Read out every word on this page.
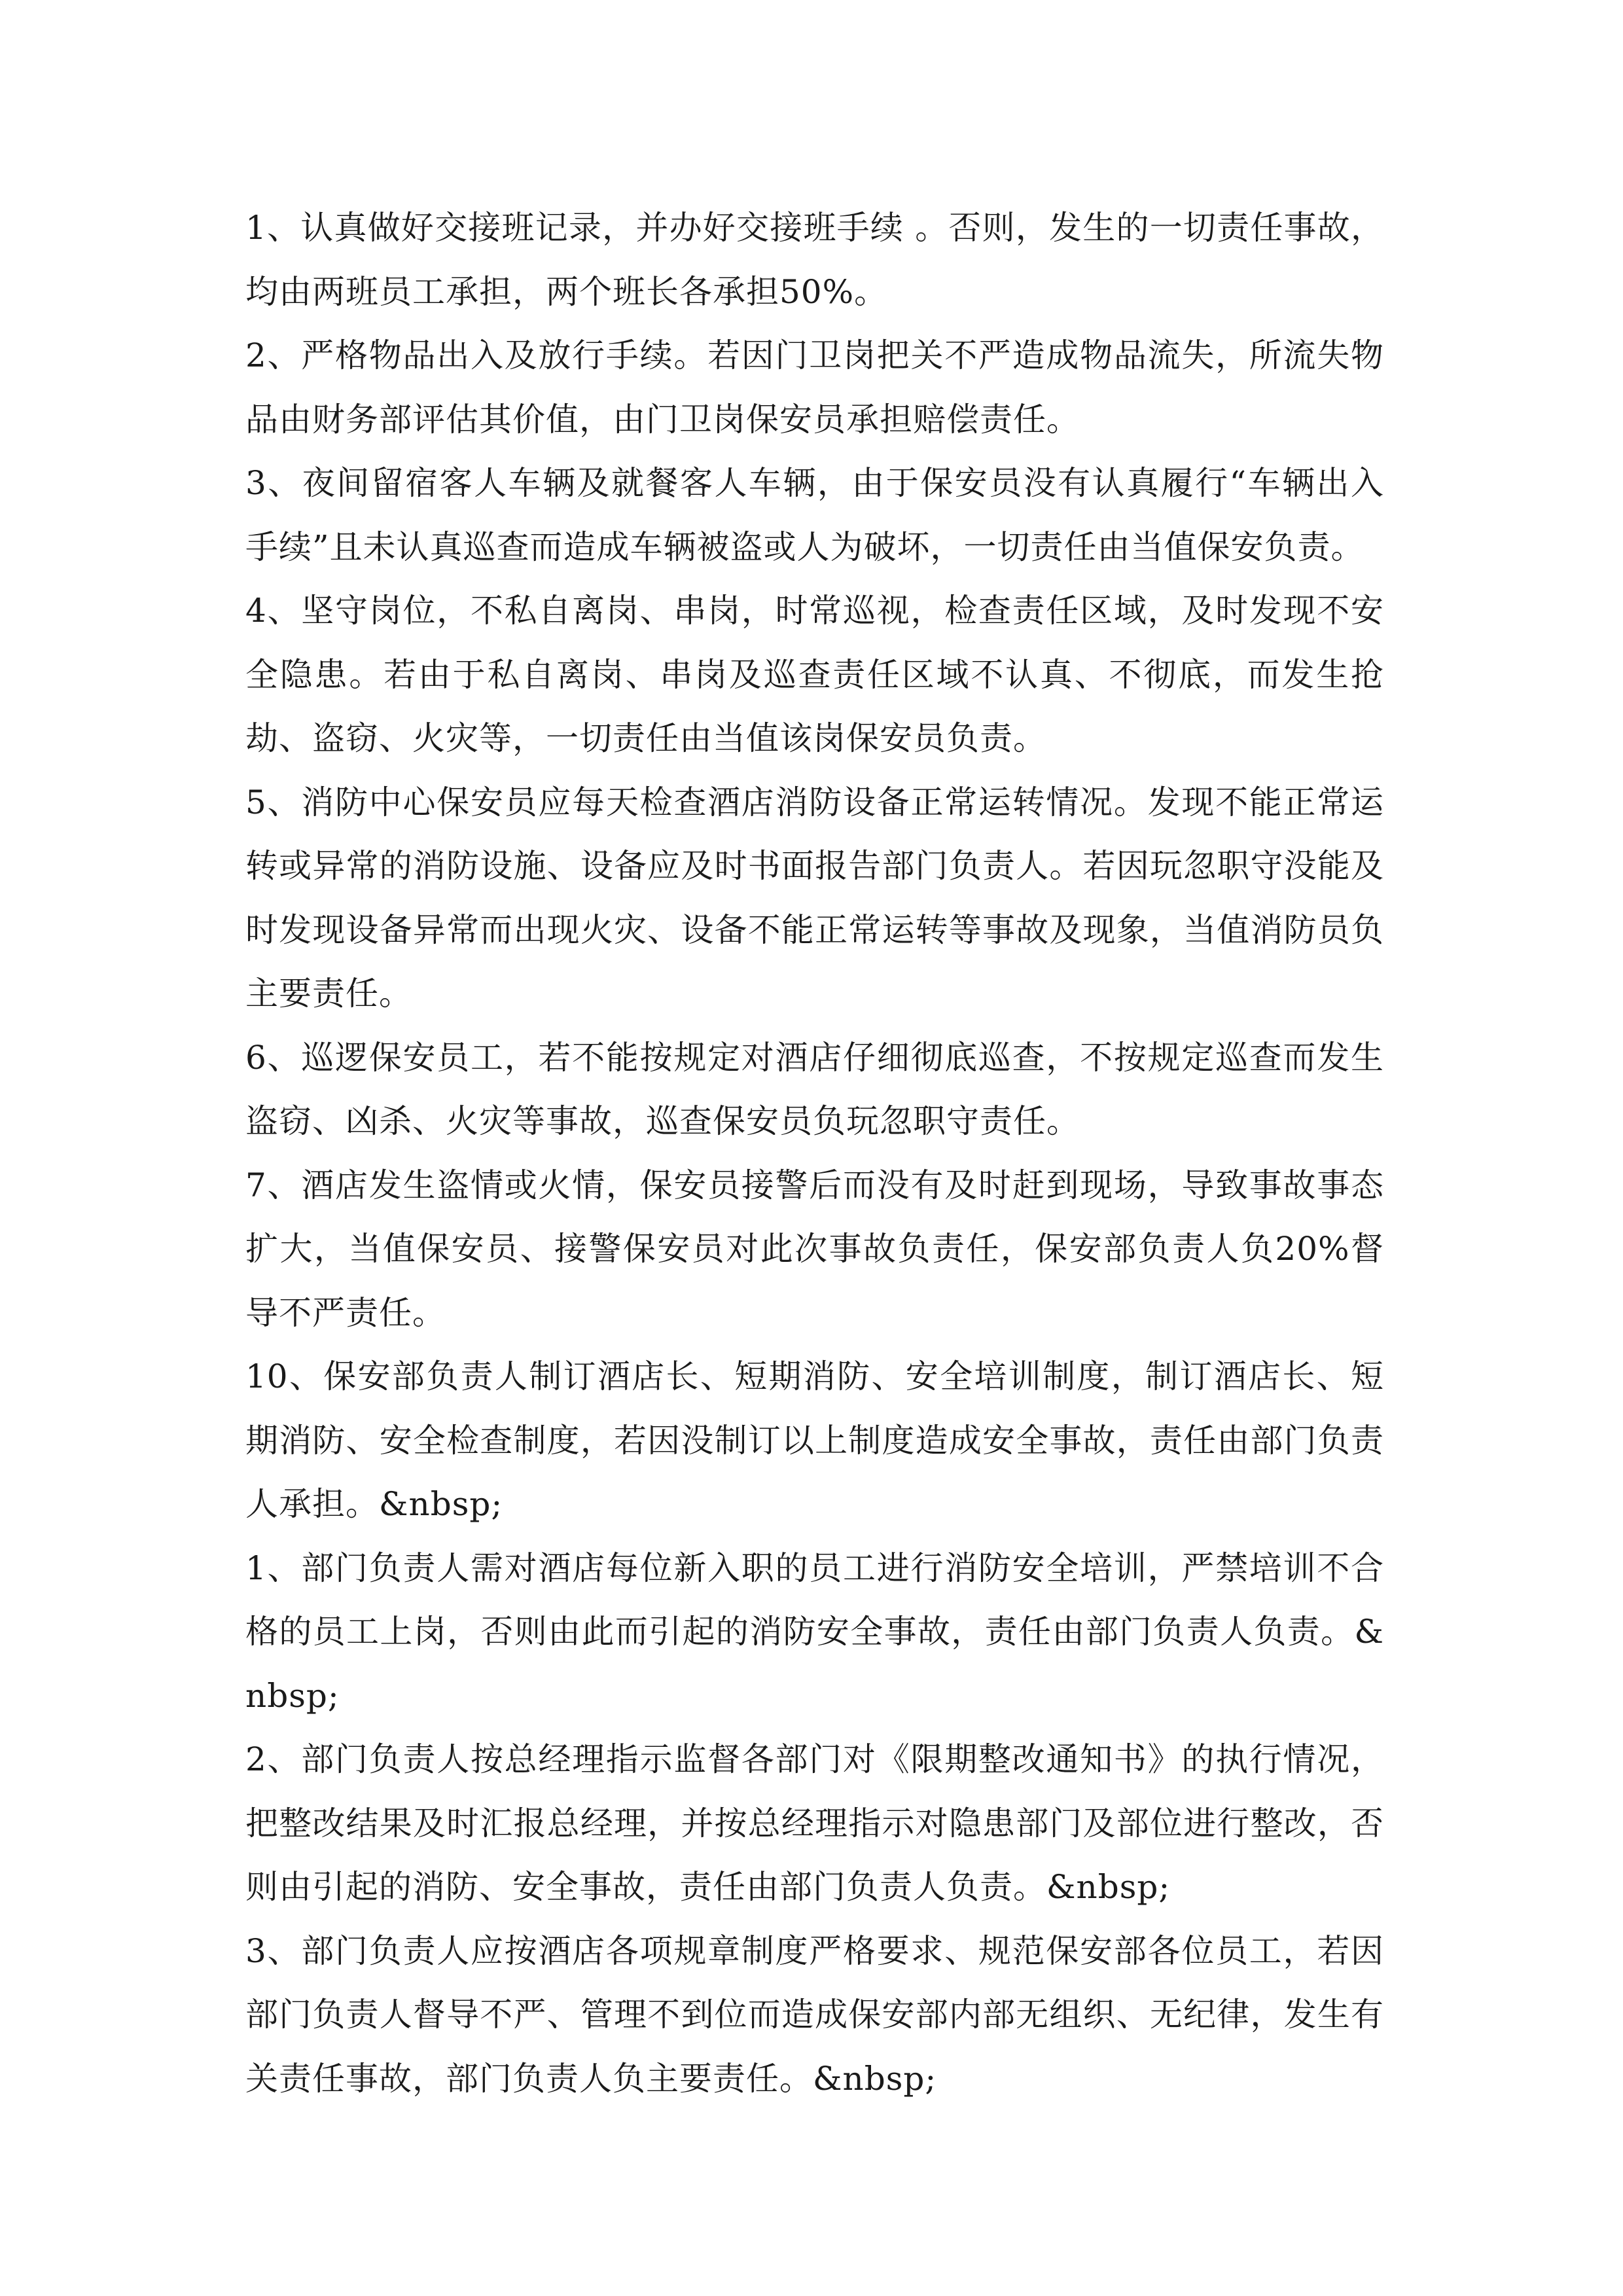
1、认真做好交接班记录，并办好交接班手续 。否则，发生的一切责任事故，均由两班员工承担，两个班长各承担50%。

2、严格物品出入及放行手续。若因门卫岗把关不严造成物品流失，所流失物品由财务部评估其价值，由门卫岗保安员承担赔偿责任。

3、夜间留宿客人车辆及就餐客人车辆，由于保安员没有认真履行“车辆出入手续”且未认真巡查而造成车辆被盗或人为破坏，一切责任由当值保安负责。

4、坚守岗位，不私自离岗、串岗，时常巡视，检查责任区域，及时发现不安全隐患。若由于私自离岗、串岗及巡查责任区域不认真、不彻底，而发生抢劫、盗窃、火灾等，一切责任由当值该岗保安员负责。

5、消防中心保安员应每天检查酒店消防设备正常运转情况。发现不能正常运转或异常的消防设施、设备应及时书面报告部门负责人。若因玩忽职守没能及时发现设备异常而出现火灾、设备不能正常运转等事故及现象，当值消防员负主要责任。

6、巡逻保安员工，若不能按规定对酒店仔细彻底巡查，不按规定巡查而发生盗窃、凶杀、火灾等事故，巡查保安员负玩忽职守责任。

7、酒店发生盗情或火情，保安员接警后而没有及时赶到现场，导致事故事态扩大，当值保安员、接警保安员对此次事故负责任，保安部负责人负20%督导不严责任。

10、保安部负责人制订酒店长、短期消防、安全培训制度，制订酒店长、短期消防、安全检查制度，若因没制订以上制度造成安全事故，责任由部门负责人承担。&nbsp;

1、部门负责人需对酒店每位新入职的员工进行消防安全培训，严禁培训不合格的员工上岗，否则由此而引起的消防安全事故，责任由部门负责人负责。&nbsp;

2、部门负责人按总经理指示监督各部门对《限期整改通知书》的执行情况，把整改结果及时汇报总经理，并按总经理指示对隐患部门及部位进行整改，否则由引起的消防、安全事故，责任由部门负责人负责。&nbsp;

3、部门负责人应按酒店各项规章制度严格要求、规范保安部各位员工，若因部门负责人督导不严、管理不到位而造成保安部内部无组织、无纪律，发生有关责任事故，部门负责人负主要责任。&nbsp;
